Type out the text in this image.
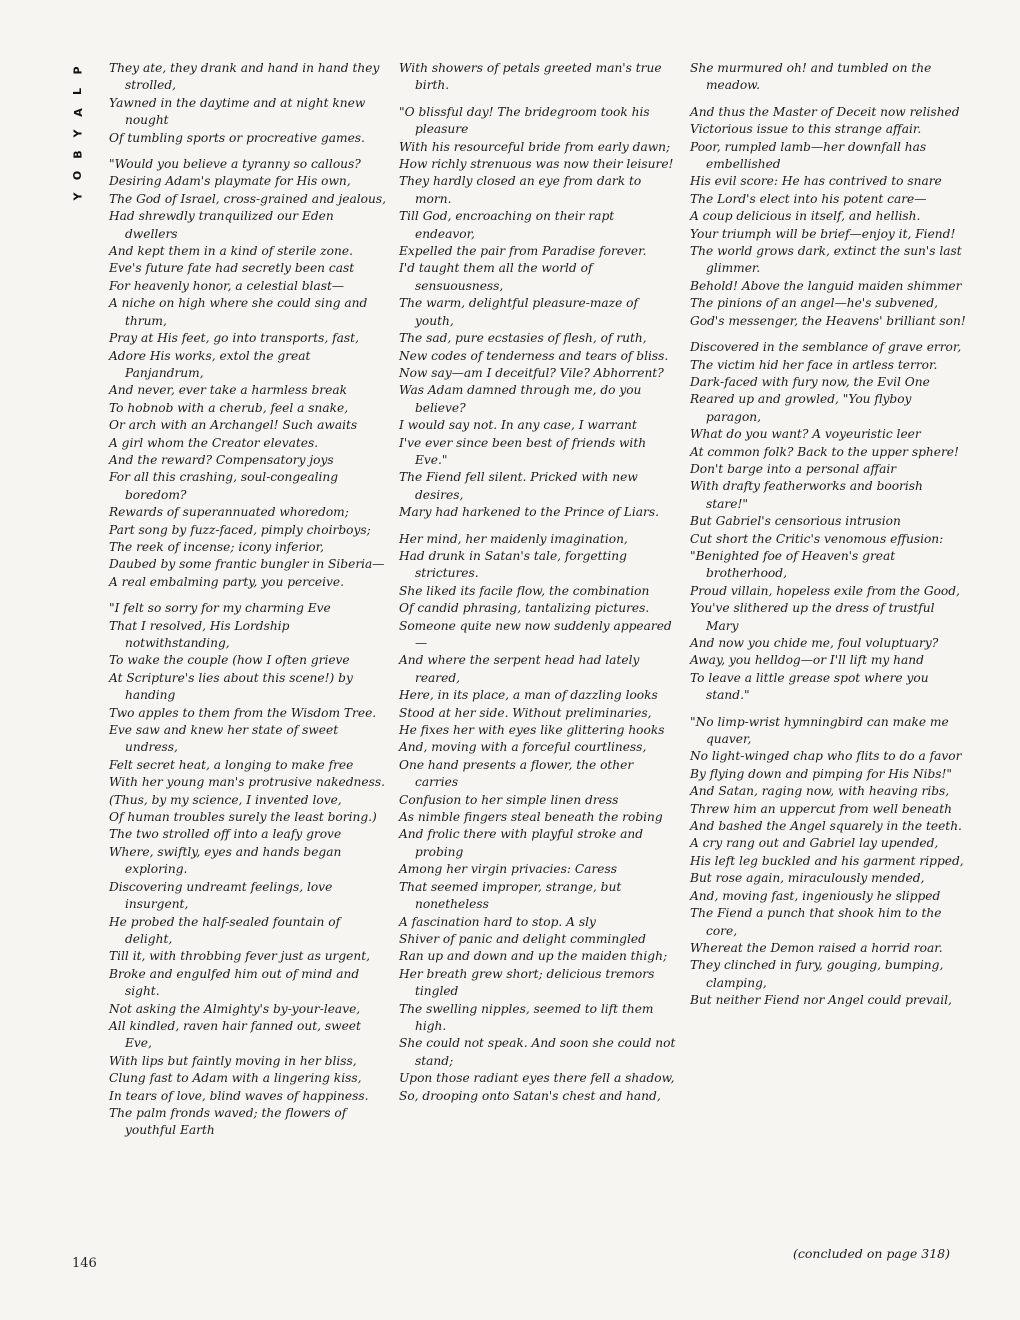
P
L
A
Y
B
O
Y
They ate, they drank and hand in hand they strolled,
Yawned in the daytime and at night knew nought
Of tumbling sports or procreative games.
"Would you believe a tyranny so callous?
Desiring Adam's playmate for His own,
The God of Israel, cross-grained and jealous,
Had shrewdly tranquilized our Eden dwellers
And kept them in a kind of sterile zone.
Eve's future fate had secretly been cast
For heavenly honor, a celestial blast—
A niche on high where she could sing and thrum,
Pray at His feet, go into transports, fast,
Adore His works, extol the great Panjandrum,
And never, ever take a harmless break
To hobnob with a cherub, feel a snake,
Or arch with an Archangel! Such awaits
A girl whom the Creator elevates.
And the reward? Compensatory joys
For all this crashing, soul-congealing boredom?
Rewards of superannuated whoredom;
Part song by fuzz-faced, pimply choirboys;
The reek of incense; icony inferior,
Daubed by some frantic bungler in Siberia—
A real embalming party, you perceive.
"I felt so sorry for my charming Eve
That I resolved, His Lordship notwithstanding,
To wake the couple (how I often grieve
At Scripture's lies about this scene!) by handing
Two apples to them from the Wisdom Tree.
Eve saw and knew her state of sweet undress,
Felt secret heat, a longing to make free
With her young man's protrusive nakedness.
(Thus, by my science, I invented love,
Of human troubles surely the least boring.)
The two strolled off into a leafy grove
Where, swiftly, eyes and hands began exploring.
Discovering undreamt feelings, love insurgent,
He probed the half-sealed fountain of delight,
Till it, with throbbing fever just as urgent,
Broke and engulfed him out of mind and sight.
Not asking the Almighty's by-your-leave,
All kindled, raven hair fanned out, sweet Eve,
With lips but faintly moving in her bliss,
Clung fast to Adam with a lingering kiss,
In tears of love, blind waves of happiness.
The palm fronds waved; the flowers of youthful Earth
With showers of petals greeted man's true birth.
"O blissful day! The bridegroom took his pleasure
With his resourceful bride from early dawn;
How richly strenuous was now their leisure!
They hardly closed an eye from dark to morn.
Till God, encroaching on their rapt endeavor,
Expelled the pair from Paradise forever.
I'd taught them all the world of sensuousness,
The warm, delightful pleasure-maze of youth,
The sad, pure ecstasies of flesh, of ruth,
New codes of tenderness and tears of bliss.
Now say—am I deceitful? Vile? Abhorrent?
Was Adam damned through me, do you believe?
I would say not. In any case, I warrant
I've ever since been best of friends with Eve."
The Fiend fell silent. Pricked with new desires,
Mary had harkened to the Prince of Liars.
Her mind, her maidenly imagination,
Had drunk in Satan's tale, forgetting strictures.
She liked its facile flow, the combination
Of candid phrasing, tantalizing pictures.
Someone quite new now suddenly appeared—
And where the serpent head had lately reared,
Here, in its place, a man of dazzling looks
Stood at her side. Without preliminaries,
He fixes her with eyes like glittering hooks
And, moving with a forceful courtliness,
One hand presents a flower, the other carries
Confusion to her simple linen dress
As nimble fingers steal beneath the robing
And frolic there with playful stroke and probing
Among her virgin privacies: Caress
That seemed improper, strange, but nonetheless
A fascination hard to stop. A sly
Shiver of panic and delight commingled
Ran up and down and up the maiden thigh;
Her breath grew short; delicious tremors tingled
The swelling nipples, seemed to lift them high.
She could not speak. And soon she could not stand;
Upon those radiant eyes there fell a shadow,
So, drooping onto Satan's chest and hand,
She murmured oh! and tumbled on the meadow.
And thus the Master of Deceit now relished
Victorious issue to this strange affair.
Poor, rumpled lamb—her downfall has embellished
His evil score: He has contrived to snare
The Lord's elect into his potent care—
A coup delicious in itself, and hellish.
Your triumph will be brief—enjoy it, Fiend!
The world grows dark, extinct the sun's last glimmer.
Behold! Above the languid maiden shimmer
The pinions of an angel—he's subvened,
God's messenger, the Heavens' brilliant son!
Discovered in the semblance of grave error,
The victim hid her face in artless terror.
Dark-faced with fury now, the Evil One
Reared up and growled, "You flyboy paragon,
What do you want? A voyeuristic leer
At common folk? Back to the upper sphere!
Don't barge into a personal affair
With drafty featherworks and boorish stare!"
But Gabriel's censorious intrusion
Cut short the Critic's venomous effusion:
"Benighted foe of Heaven's great brotherhood,
Proud villain, hopeless exile from the Good,
You've slithered up the dress of trustful Mary
And now you chide me, foul voluptuary?
Away, you helldog—or I'll lift my hand
To leave a little grease spot where you stand."
"No limp-wrist hymningbird can make me quaver,
No light-winged chap who flits to do a favor
By flying down and pimping for His Nibs!"
And Satan, raging now, with heaving ribs,
Threw him an uppercut from well beneath
And bashed the Angel squarely in the teeth.
A cry rang out and Gabriel lay upended,
His left leg buckled and his garment ripped,
But rose again, miraculously mended,
And, moving fast, ingeniously he slipped
The Fiend a punch that shook him to the core,
Whereat the Demon raised a horrid roar.
They clinched in fury, gouging, bumping, clamping,
But neither Fiend nor Angel could prevail,
146
(concluded on page 318)
